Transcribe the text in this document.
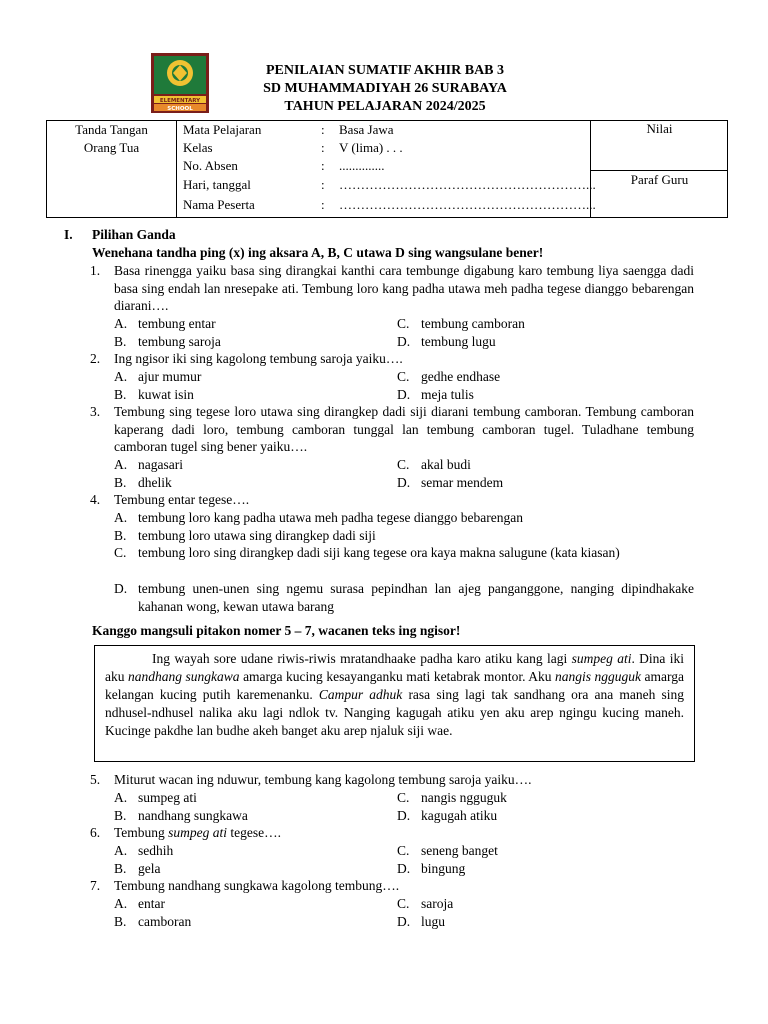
ELEMENTARY
SCHOOL
PENILAIAN SUMATIF AKHIR BAB 3
SD MUHAMMADIYAH 26 SURABAYA
TAHUN PELAJARAN 2024/2025
Tanda Tangan
Orang Tua
Mata Pelajaran	: Basa Jawa
Kelas	: V (lima) . . .
No. Absen	: ..............
Hari, tanggal	: …………………………………………………...
Nama Peserta	: …………………………………………………...
Nilai
Paraf Guru
I. Pilihan Ganda
Wenehana tandha ping (x) ing aksara A, B, C utawa D sing wangsulane bener!
1. Basa rinengga yaiku basa sing dirangkai kanthi cara tembunge digabung karo tembung liya saengga dadi basa sing endah lan nresepake ati. Tembung loro kang padha utawa meh padha tegese dianggo bebarengan diarani….
A. tembung entar	C. tembung camboran
B. tembung saroja	D. tembung lugu
2. Ing ngisor iki sing kagolong tembung saroja yaiku….
A. ajur mumur	C. gedhe endhase
B. kuwat isin	D. meja tulis
3. Tembung sing tegese loro utawa sing dirangkep dadi siji diarani tembung camboran. Tembung camboran kaperang dadi loro, tembung camboran tunggal lan tembung camboran tugel. Tuladhane tembung camboran tugel sing bener yaiku….
A. nagasari	C. akal budi
B. dhelik	D. semar mendem
4. Tembung entar tegese….
A. tembung loro kang padha utawa meh padha tegese dianggo bebarengan
B. tembung loro utawa sing dirangkep dadi siji
C. tembung loro sing dirangkep dadi siji kang tegese ora kaya makna salugune (kata kiasan)
D. tembung unen-unen sing ngemu surasa pepindhan lan ajeg panganggone, nanging dipindhakake kahanan wong, kewan utawa barang
Kanggo mangsuli pitakon nomer 5 – 7, wacanen teks ing ngisor!

Ing wayah sore udane riwis-riwis mratandhaake padha karo atiku kang lagi sumpeg ati. Dina iki aku nandhang sungkawa amarga kucing kesayanganku mati ketabrak montor. Aku nangis ngguguk amarga kelangan kucing putih karemenanku. Campur adhuk rasa sing lagi tak sandhang ora ana maneh sing ndhusel-ndhusel nalika aku lagi ndlok tv. Nanging kagugah atiku yen aku arep ngingu kucing maneh. Kucinge pakdhe lan budhe akeh banget aku arep njaluk siji wae.

5. Miturut wacan ing nduwur, tembung kang kagolong tembung saroja yaiku….
A. sumpeg ati	C. nangis ngguguk
B. nandhang sungkawa	D. kagugah atiku
6. Tembung sumpeg ati tegese….
A. sedhih	C. seneng banget
B. gela	D. bingung
7. Tembung nandhang sungkawa kagolong tembung….
A. entar	C. saroja
B. camboran	D. lugu
